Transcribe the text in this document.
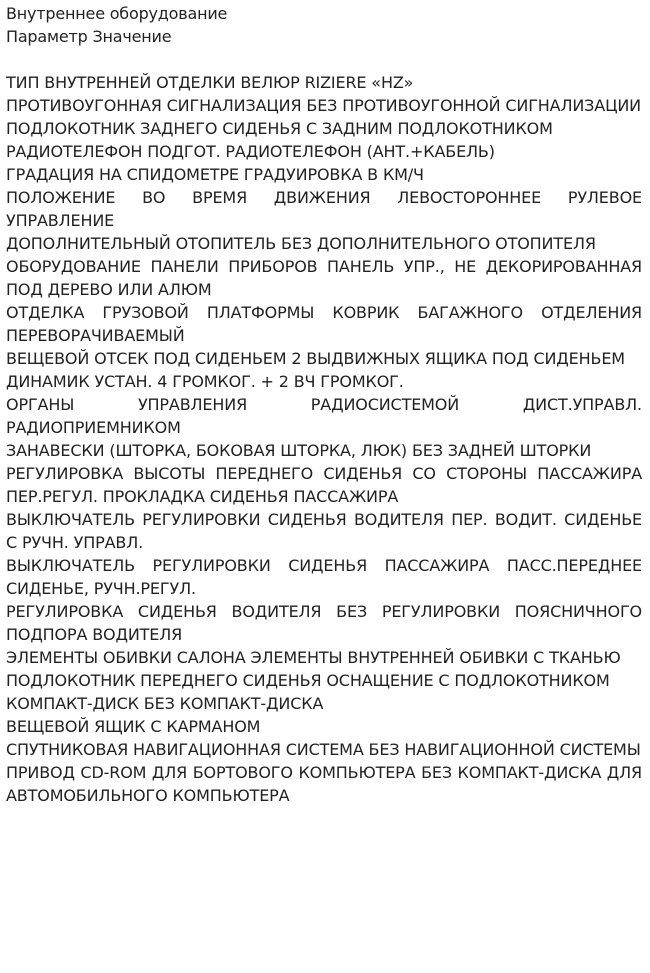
Внутреннее оборудование
Параметр Значение
ТИП ВНУТРЕННЕЙ ОТДЕЛКИ ВЕЛЮР RIZIERE «HZ»
ПРОТИВОУГОННАЯ СИГНАЛИЗАЦИЯ БЕЗ ПРОТИВОУГОННОЙ СИГНАЛИЗАЦИИ
ПОДЛОКОТНИК ЗАДНЕГО СИДЕНЬЯ С ЗАДНИМ ПОДЛОКОТНИКОМ
РАДИОТЕЛЕФОН ПОДГОТ. РАДИОТЕЛЕФОН (АНТ.+КАБЕЛЬ)
ГРАДАЦИЯ НА СПИДОМЕТРЕ ГРАДУИРОВКА В КМ/Ч
ПОЛОЖЕНИЕ ВО ВРЕМЯ ДВИЖЕНИЯ ЛЕВОСТОРОННЕЕ РУЛЕВОЕ УПРАВЛЕНИЕ
ДОПОЛНИТЕЛЬНЫЙ ОТОПИТЕЛЬ БЕЗ ДОПОЛНИТЕЛЬНОГО ОТОПИТЕЛЯ
ОБОРУДОВАНИЕ ПАНЕЛИ ПРИБОРОВ ПАНЕЛЬ УПР., НЕ ДЕКОРИРОВАННАЯ ПОД ДЕРЕВО ИЛИ АЛЮМ
ОТДЕЛКА ГРУЗОВОЙ ПЛАТФОРМЫ КОВРИК БАГАЖНОГО ОТДЕЛЕНИЯ ПЕРЕВОРАЧИВАЕМЫЙ
ВЕЩЕВОЙ ОТСЕК ПОД СИДЕНЬЕМ 2 ВЫДВИЖНЫХ ЯЩИКА ПОД СИДЕНЬЕМ
ДИНАМИК УСТАН. 4 ГРОМКОГ. + 2 ВЧ ГРОМКОГ.
ОРГАНЫ УПРАВЛЕНИЯ РАДИОСИСТЕМОЙ ДИСТ.УПРАВЛ. РАДИОПРИЕМНИКОМ
ЗАНАВЕСКИ (ШТОРКА, БОКОВАЯ ШТОРКА, ЛЮК) БЕЗ ЗАДНЕЙ ШТОРКИ
РЕГУЛИРОВКА ВЫСОТЫ ПЕРЕДНЕГО СИДЕНЬЯ СО СТОРОНЫ ПАССАЖИРА ПЕР.РЕГУЛ. ПРОКЛАДКА СИДЕНЬЯ ПАССАЖИРА
ВЫКЛЮЧАТЕЛЬ РЕГУЛИРОВКИ СИДЕНЬЯ ВОДИТЕЛЯ ПЕР. ВОДИТ. СИДЕНЬЕ С РУЧН. УПРАВЛ.
ВЫКЛЮЧАТЕЛЬ РЕГУЛИРОВКИ СИДЕНЬЯ ПАССАЖИРА ПАСС.ПЕРЕДНЕЕ СИДЕНЬЕ, РУЧН.РЕГУЛ.
РЕГУЛИРОВКА СИДЕНЬЯ ВОДИТЕЛЯ БЕЗ РЕГУЛИРОВКИ ПОЯСНИЧНОГО ПОДПОРА ВОДИТЕЛЯ
ЭЛЕМЕНТЫ ОБИВКИ САЛОНА ЭЛЕМЕНТЫ ВНУТРЕННЕЙ ОБИВКИ С ТКАНЬЮ
ПОДЛОКОТНИК ПЕРЕДНЕГО СИДЕНЬЯ ОСНАЩЕНИЕ С ПОДЛОКОТНИКОМ
КОМПАКТ-ДИСК БЕЗ КОМПАКТ-ДИСКА
ВЕЩЕВОЙ ЯЩИК С КАРМАНОМ
СПУТНИКОВАЯ НАВИГАЦИОННАЯ СИСТЕМА БЕЗ НАВИГАЦИОННОЙ СИСТЕМЫ
ПРИВОД CD-ROM ДЛЯ БОРТОВОГО КОМПЬЮТЕРА БЕЗ КОМПАКТ-ДИСКА ДЛЯ АВТОМОБИЛЬНОГО КОМПЬЮТЕРА
